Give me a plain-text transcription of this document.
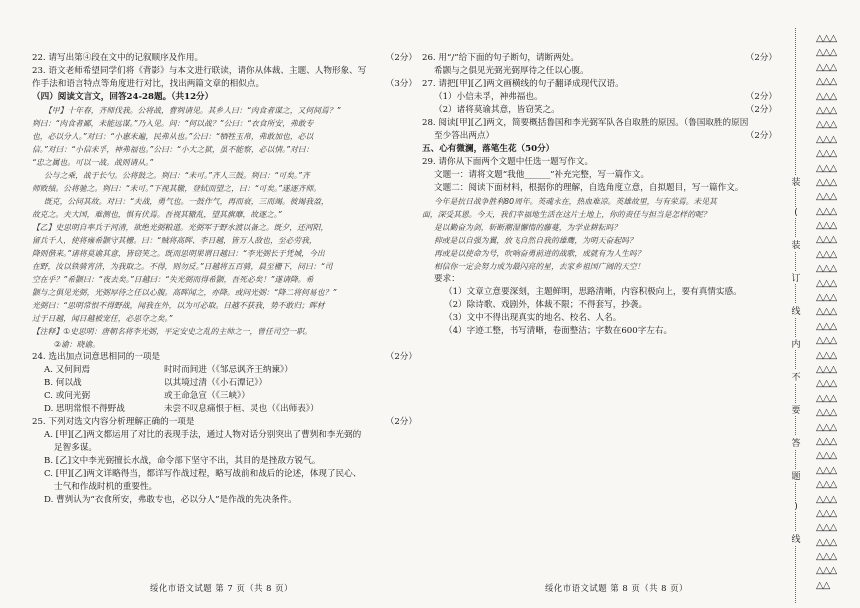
22. 请写出第④段在文中的记叙顺序及作用。	（2分）
23. 语文老师希望同学们将《背影》与本文进行联读，请你从体裁、主题、人物形象、写
作手法和语言特点等角度进行对比，找出两篇文章的相似点。	（3分）
（四）阅读文言文，回答24-28题。（共12分）
【甲】十年春，齐师伐我。公将战，曹刿请见。其乡人曰：“肉食者谋之，又何间焉？”
刿曰：“肉食者鄙，未能远谋。”乃入见。问：“何以战？”公曰：“衣食所安，弗敢专
也，必以分人。”对曰：“小惠未遍，民弗从也。”公曰：“牺牲玉帛，弗敢加也，必以
信。”对曰：“小信未孚，神弗福也。”公曰：“小大之狱，虽不能察，必以情。”对曰：
“忠之属也。可以一战。战则请从。”
公与之乘，战于长勺。公将鼓之。刿曰：“未可。”齐人三鼓。刿曰：“可矣。”齐
师败绩。公将驰之。刿曰：“未可。”下视其辙，登轼而望之，曰：“可矣。”遂逐齐师。
既克，公问其故。对曰：“夫战，勇气也。一鼓作气，再而衰，三而竭。彼竭我盈，
故克之。夫大国，难测也，惧有伏焉。吾视其辙乱，望其旗靡，故逐之。”
【乙】史思明自率兵于河清，欲绝光弼粮道。光弼军于野水渡以备之。既夕，还河阳，
留兵千人，使将雍希颢守其栅。曰：“贼将高晖、李日越，皆万人敌也，至必劳我，
降则偕来。”诸将莫谕其意，皆窃笑之。既而思明果谓日越曰：“李光弼长于凭城，今出
在野，汝以铁骑宵济，为我取之。不得，则勿反。”日越将五百骑，晨至栅下，问曰：“司
空在乎？”希颢曰：“夜去矣。”日越曰：“失光弼而得希颢，吾死必矣！”遂请降。希
颢与之俱见光弼，光弼厚待之任以心腹。高晖闻之，亦降。或问光弼：“降二将何易也？”
光弼曰：“思明常恨不得野战，闻我在外，以为可必取。日越不获我，势不敢归；晖材
过于日越，闻日越被宠任，必思夺之矣。”
【注释】①史思明：唐朝名将李光弼，平定安史之乱的主帅之一，曾任司空一职。
②谕：晓谕。
24. 选出加点词意思相同的一项是	（2分）
A. 又何间焉	时时而间进（《邹忌讽齐王纳谏》）
B. 何以战	以其境过清（《小石潭记》）
C. 或问光弼	或王命急宣（《三峡》）
D. 思明常恨不得野战	未尝不叹息痛恨于桓、灵也（《出师表》）
25. 下列对选文内容分析理解正确的一项是	（2分）
A. [甲][乙]两文都运用了对比的表现手法，通过人物对话分别突出了曹刿和李光弼的
足智多谋。
B. [乙]文中李光弼擅长水战，命令部下坚守不出，其目的是挫敌方锐气。
C. [甲][乙]两文详略得当，都详写作战过程，略写战前和战后的论述，体现了民心、
士气和作战时机的重要性。
D. 曹刿认为“衣食所安，弗敢专也，必以分人”是作战的先决条件。
26. 用“/”给下面的句子断句，请断两处。	（2分）
希颢与之俱见光弼光弼厚待之任以心腹。
27. 请把[甲][乙]两文画横线的句子翻译成现代汉语。
（1）小信未孚，神弗福也。	（2分）
（2）诸将莫谕其意，皆窃笑之。	（2分）
28. 阅读[甲][乙]两文，简要概括鲁国和李光弼军队各自取胜的原因。（鲁国取胜的原因
至少答出两点）	（2分）
五、心有微澜，落笔生花（50分）
29. 请你从下面两个文题中任选一题写作文。
文题一：请将文题“我他______”补充完整，写一篇作文。
文题二：阅读下面材料，根据你的理解，自选角度立意，自拟题目，写一篇作文。
今年是抗日战争胜利80周年。英魂永在，热血难凉。英雄故里，与有荣焉。未见其
面，深受其恩。今天，我们幸福地生活在这片土地上，你的责任与担当是怎样的呢？
是以勤奋为剑，斩断潮湿懈惰的藤蔓，为学业耕耘吗？
抑或是以自强为翼，放飞自然自我的雄鹰，为明天奋起吗？
再或是以使命为号，吹响奋勇前进的战歌，成就有为人生吗？
相信你一定会努力成为最闪亮的星，去家乡祖国广阔的天空！
要求：
（1）文章立意要深刻，主题鲜明，思路清晰，内容积极向上，要有真情实感。
（2）除诗歌、戏剧外，体裁不限；不得套写，抄袭。
（3）文中不得出现真实的地名、校名、人名。
（4）字迹工整，书写清晰，卷面整洁；字数在600字左右。
绥化市语文试题 第 7 页（共 8 页）	绥化市语文试题 第 8 页（共 8 页）
装
(
装
订
线
内
不
要
答
题
)
线
△△△
△△△
△△△
△△△
△△△
△△△
△△△
△△△
△△△
△△△
△△△
△△△
△△△
△△△
△△△
△△△
△△△
△△△
△△△
△△△
△△△
△△△
△△△
△△△
△△△
△△△
△△△
△△△
△△△
△△△
△△△
△△△
△△△
△△△
△△△
△△△
△△△
△△△
△△
